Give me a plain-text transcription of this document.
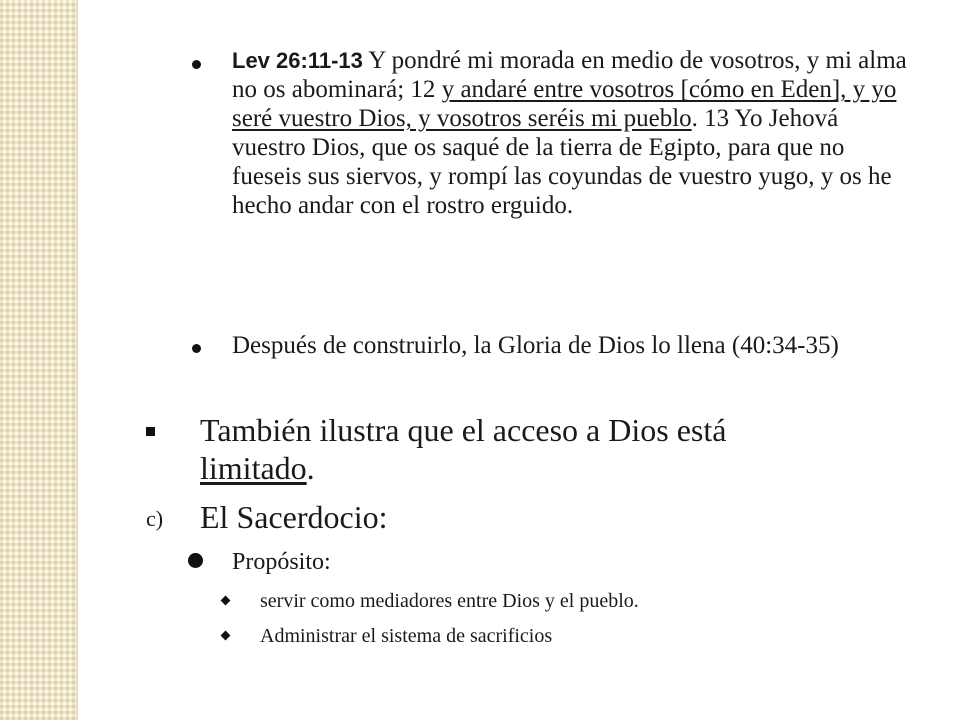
Lev 26:11-13 Y pondré mi morada en medio de vosotros, y mi alma no os abominará; 12 y andaré entre vosotros [cómo en Eden], y yo seré vuestro Dios, y vosotros seréis mi pueblo. 13 Yo Jehová vuestro Dios, que os saqué de la tierra de Egipto, para que no fueseis sus siervos, y rompí las coyundas de vuestro yugo, y os he hecho andar con el rostro erguido.
Después de construirlo, la Gloria de Dios lo llena (40:34-35)
También ilustra que el acceso a Dios está
limitado.
c) El Sacerdocio:
Propósito:
servir como mediadores entre Dios y el pueblo.
Administrar el sistema de sacrificios
